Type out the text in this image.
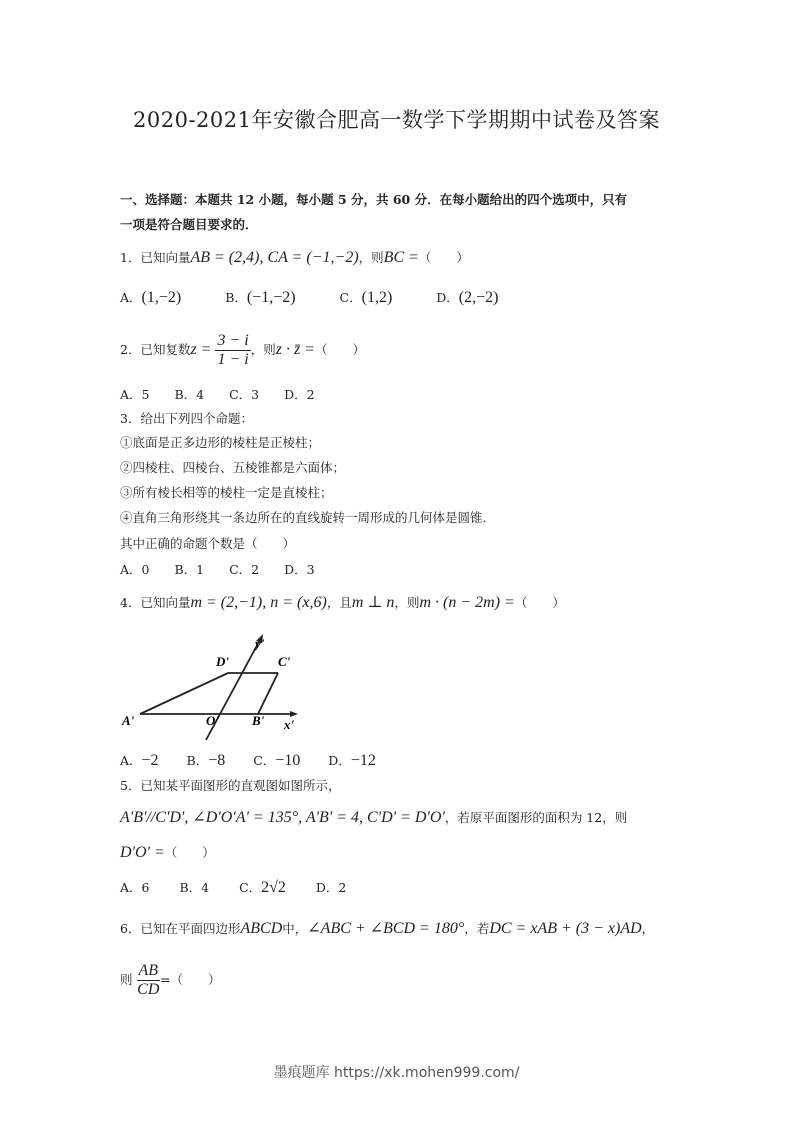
2020-2021年安徽合肥高一数学下学期期中试卷及答案
一、选择题：本题共 12 小题，每小题 5 分，共 60 分．在每小题给出的四个选项中，只有
一项是符合题目要求的．
1．已知向量AB = (2,4), CA = (−1,−2)，则BC =（　　）
A．(1,−2)	B．(−1,−2)	C．(1,2)	D．(2,−2)
2．已知复数$z = \frac{3 - i}{1 - i}$ ，则z · z̄ =（　　）
A．5　　B．4　　C．3　　D．2
3．给出下列四个命题：
①底面是正多边形的棱柱是正棱柱；
②四棱柱、四棱台、五棱锥都是六面体；
③所有棱长相等的棱柱一定是直棱柱；
④直角三角形绕其一条边所在的直线旋转一周形成的几何体是圆锥．
其中正确的命题个数是（　　）
A．0　　B．1　　C．2　　D．3
4．已知向量m = (2,−1), n = (x,6)，且m ⊥ n，则m · (n − 2m) =（　　）
y'
x'
D'	C'
A'	O'	B'
A．−2 B．−8 C．−10 D．−12
5．已知某平面图形的直观图如图所示，
A'B'//C'D', ∠D'O'A' = 135°, A'B' = 4, C'D' = D'O'，若原平面图形的面积为 12，则
D'O' =（　　）
A．6 B．4 C．2√2 D．2
6．已知在平面四边形ABCD中，∠ABC + ∠BCD = 180°，若DC = xAB + (3 − x)AD，
则 $\frac{AB}{CD}$ =（　　）
墨痕题库 https://xk.mohen999.com/
